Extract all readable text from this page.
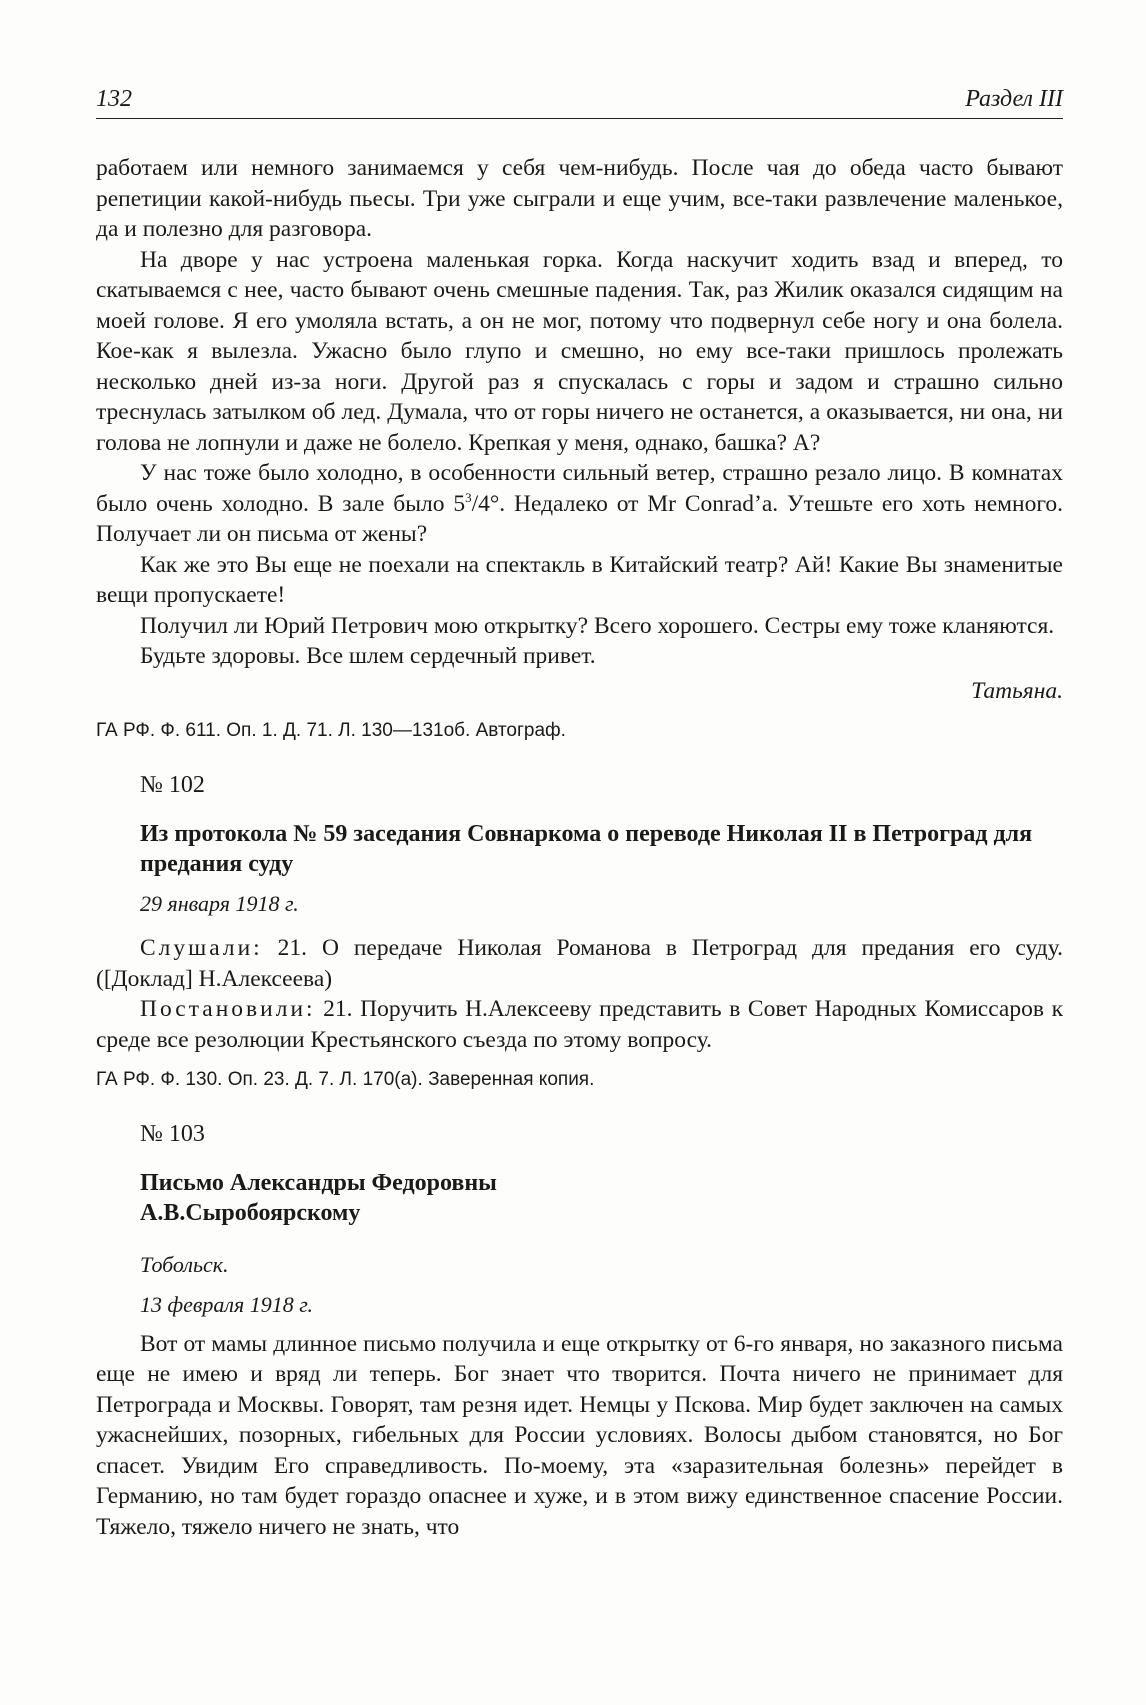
132	Раздел III

работаем или немного занимаемся у себя чем-нибудь. После чая до обеда часто бывают репетиции какой-нибудь пьесы. Три уже сыграли и еще учим, все-таки развлечение маленькое, да и полезно для разговора.

На дворе у нас устроена маленькая горка. Когда наскучит ходить взад и вперед, то скатываемся с нее, часто бывают очень смешные падения. Так, раз Жилик оказался сидящим на моей голове. Я его умоляла встать, а он не мог, потому что подвернул себе ногу и она болела. Кое-как я вылезла. Ужасно было глупо и смешно, но ему все-таки пришлось пролежать несколько дней из-за ноги. Другой раз я спускалась с горы и задом и страшно сильно треснулась затылком об лед. Думала, что от горы ничего не останется, а оказывается, ни она, ни голова не лопнули и даже не болело. Крепкая у меня, однако, башка? А?

У нас тоже было холодно, в особенности сильный ветер, страшно резало лицо. В комнатах было очень холодно. В зале было $5^3/4^\circ$. Недалеко от Mr Conrad’a. Утешьте его хоть немного. Получает ли он письма от жены?

Как же это Вы еще не поехали на спектакль в Китайский театр? Ай! Какие Вы знаменитые вещи пропускаете!

Получил ли Юрий Петрович мою открытку? Всего хорошего. Сестры ему тоже кланяются.

Будьте здоровы. Все шлем сердечный привет.

Татьяна.

ГА РФ. Ф. 611. Оп. 1. Д. 71. Л. 130—131об. Автограф.

№ 102
Из протокола № 59 заседания Совнаркома о переводе Николая II в Петроград для предания суду
29 января 1918 г.

Слушали: 21. О передаче Николая Романова в Петроград для предания его суду. ([Доклад] Н.Алексеева)

Постановили: 21. Поручить Н.Алексееву представить в Совет Народных Комиссаров к среде все резолюции Крестьянского съезда по этому вопросу.

ГА РФ. Ф. 130. Оп. 23. Д. 7. Л. 170(а). Заверенная копия.

№ 103
Письмо Александры Федоровны
А.В.Сыробоярскому
Тобольск.
13 февраля 1918 г.

Вот от мамы длинное письмо получила и еще открытку от 6-го января, но заказного письма еще не имею и вряд ли теперь. Бог знает что творится. Почта ничего не принимает для Петрограда и Москвы. Говорят, там резня идет. Немцы у Пскова. Мир будет заключен на самых ужаснейших, позорных, гибельных для России условиях. Волосы дыбом становятся, но Бог спасет. Увидим Его справедливость. По-моему, эта «заразительная болезнь» перейдет в Германию, но там будет гораздо опаснее и хуже, и в этом вижу единственное спасение России. Тяжело, тяжело ничего не знать, что
